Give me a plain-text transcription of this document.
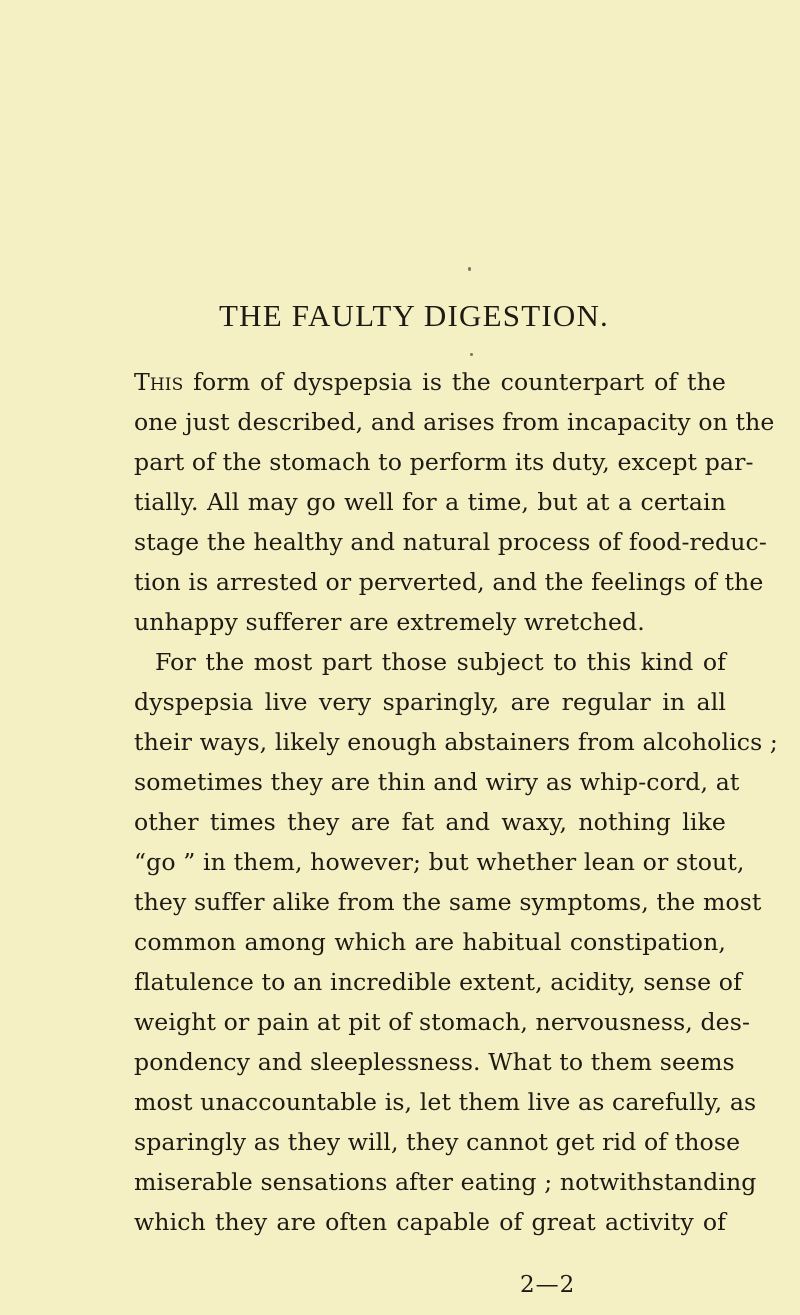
THE FAULTY DIGESTION.
This form of dyspepsia is the counterpart of the
one just described, and arises from incapacity on the
part of the stomach to perform its duty, except par-
tially. All may go well for a time, but at a certain
stage the healthy and natural process of food-reduc-
tion is arrested or perverted, and the feelings of the
unhappy sufferer are extremely wretched.
For the most part those subject to this kind of
dyspepsia live very sparingly, are regular in all
their ways, likely enough abstainers from alcoholics ;
sometimes they are thin and wiry as whip-cord, at
other times they are fat and waxy, nothing like
“go ” in them, however; but whether lean or stout,
they suffer alike from the same symptoms, the most
common among which are habitual constipation,
flatulence to an incredible extent, acidity, sense of
weight or pain at pit of stomach, nervousness, des-
pondency and sleeplessness. What to them seems
most unaccountable is, let them live as carefully, as
sparingly as they will, they cannot get rid of those
miserable sensations after eating ; notwithstanding
which they are often capable of great activity of
2—2
